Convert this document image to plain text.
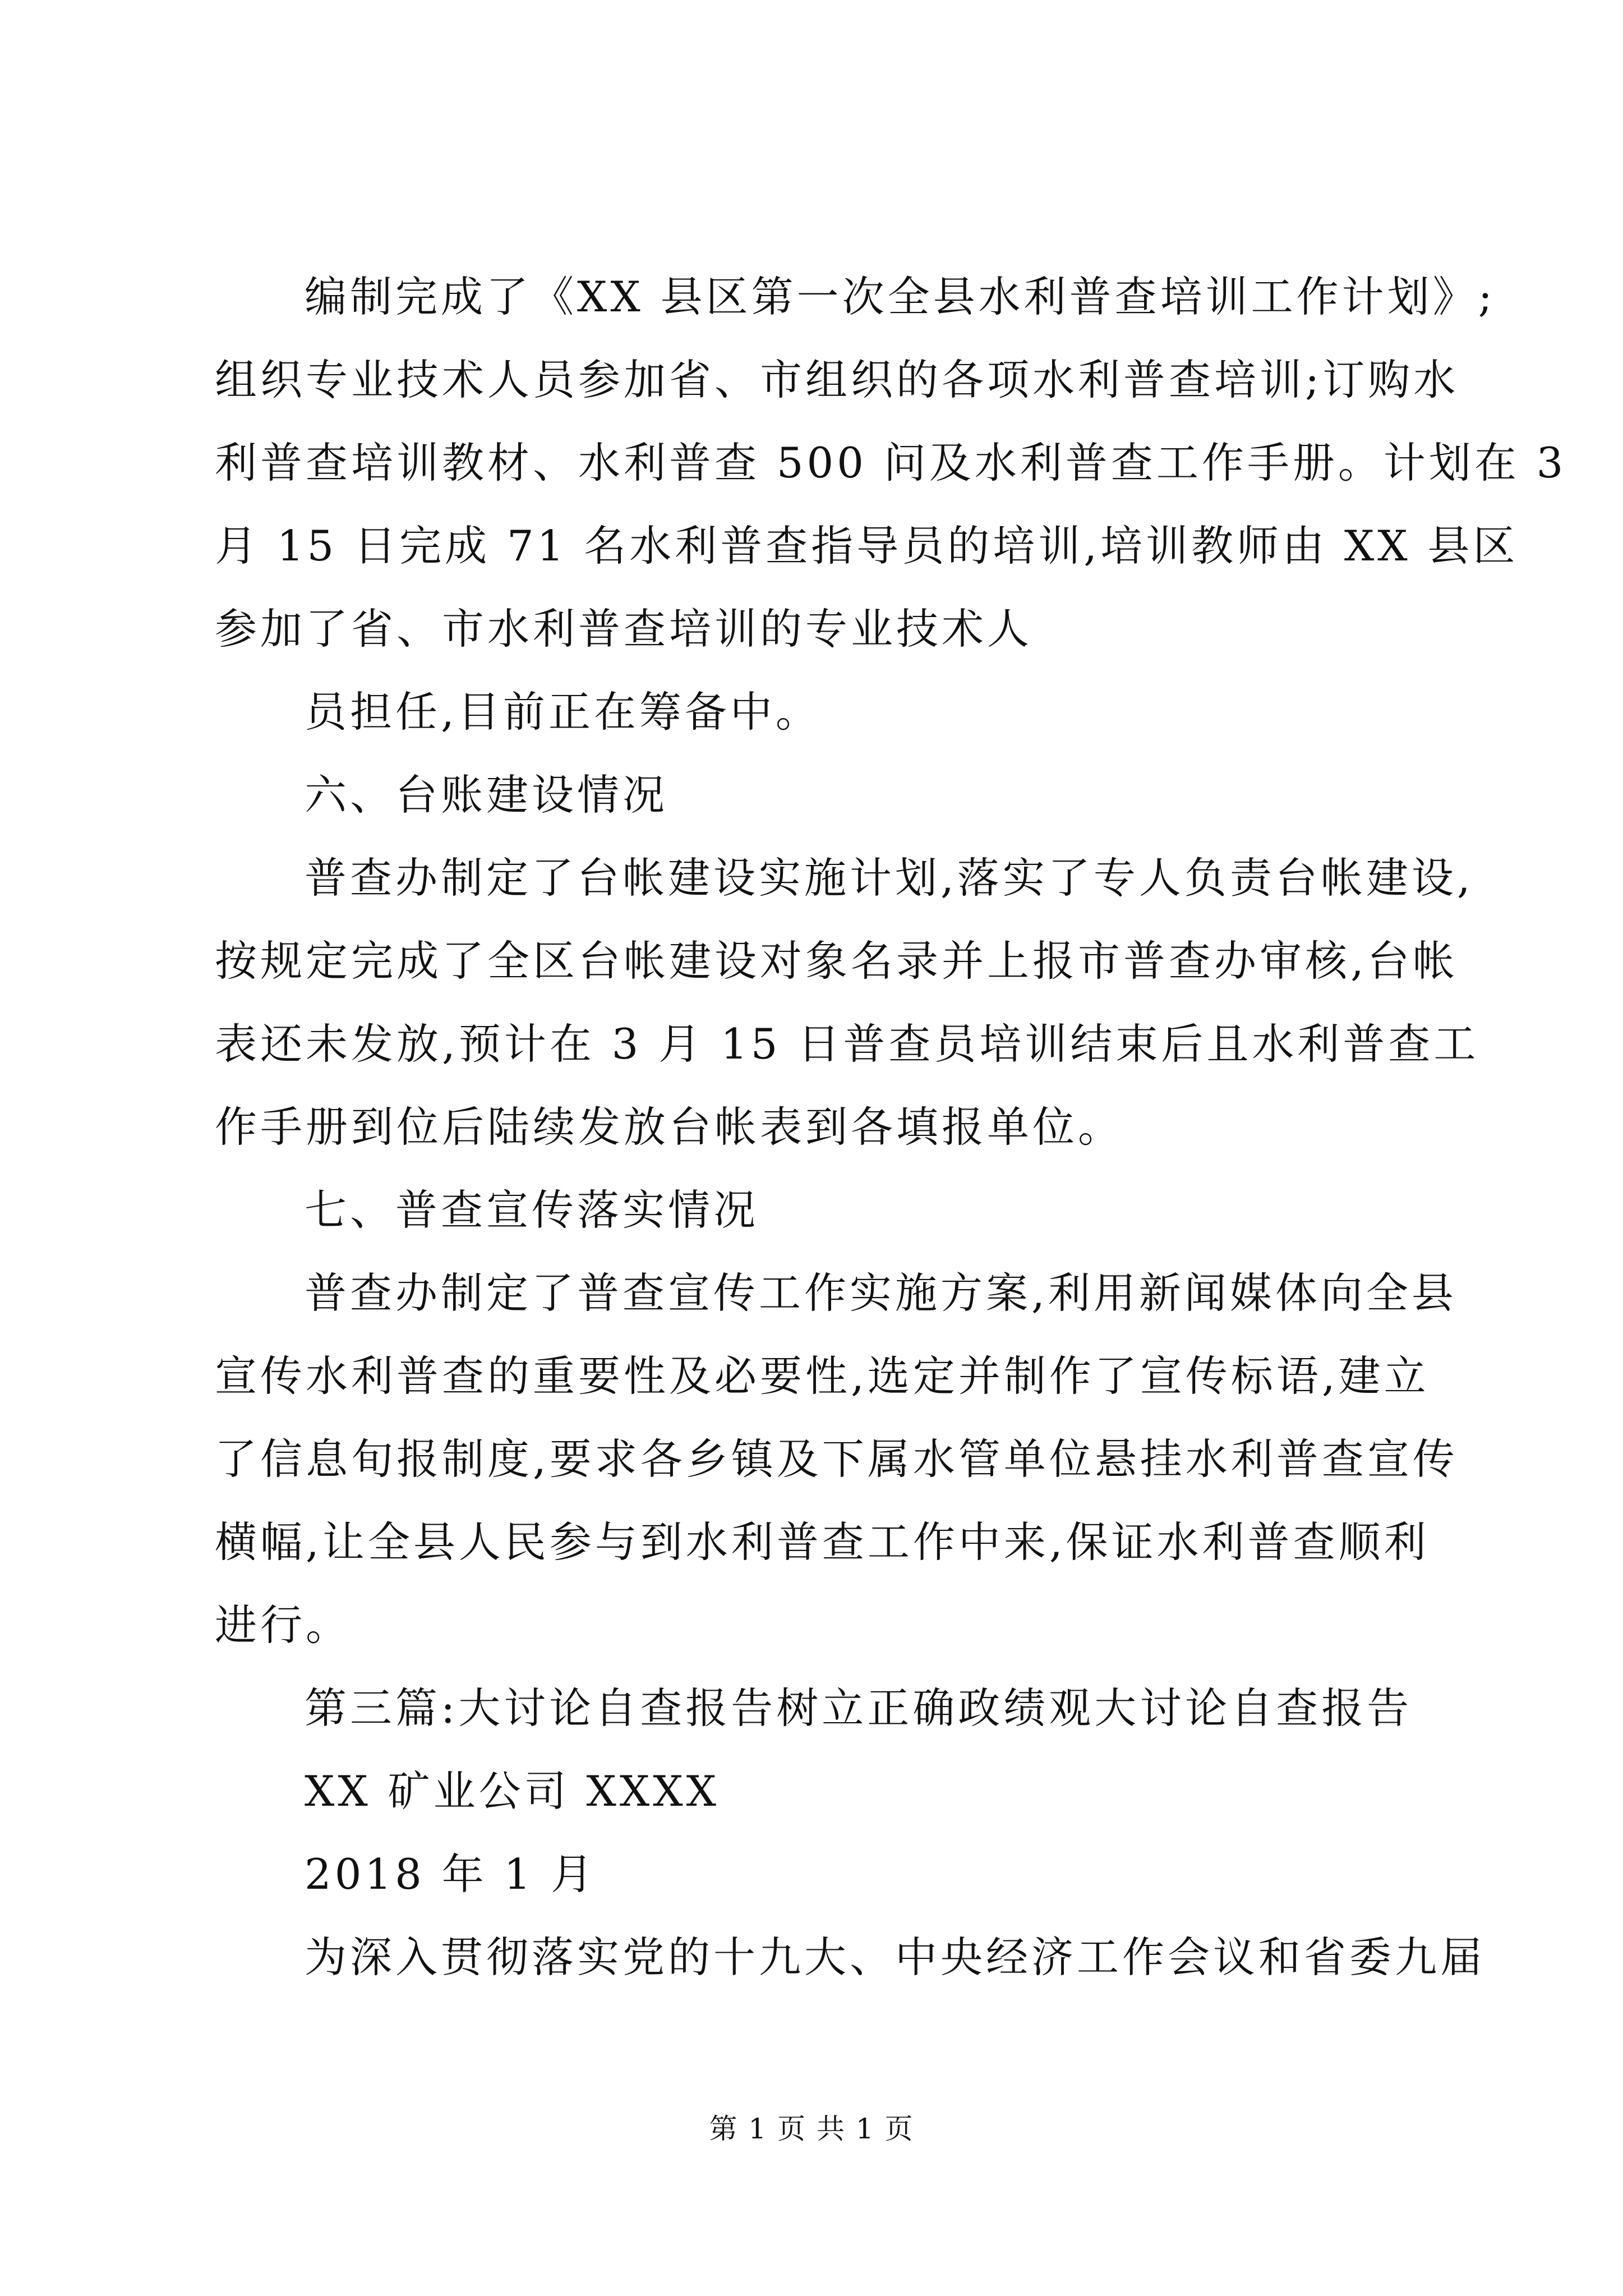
编制完成了《XX 县区第一次全县水利普查培训工作计划》;
组织专业技术人员参加省、市组织的各项水利普查培训;订购水
利普查培训教材、水利普查 500 问及水利普查工作手册。计划在 3
月 15 日完成 71 名水利普查指导员的培训,培训教师由 XX 县区
参加了省、市水利普查培训的专业技术人
员担任,目前正在筹备中。
六、台账建设情况
普查办制定了台帐建设实施计划,落实了专人负责台帐建设,
按规定完成了全区台帐建设对象名录并上报市普查办审核,台帐
表还未发放,预计在 3 月 15 日普查员培训结束后且水利普查工
作手册到位后陆续发放台帐表到各填报单位。
七、普查宣传落实情况
普查办制定了普查宣传工作实施方案,利用新闻媒体向全县
宣传水利普查的重要性及必要性,选定并制作了宣传标语,建立
了信息旬报制度,要求各乡镇及下属水管单位悬挂水利普查宣传
横幅,让全县人民参与到水利普查工作中来,保证水利普查顺利
进行。
第三篇:大讨论自查报告树立正确政绩观大讨论自查报告
XX 矿业公司 XXXX
2018 年 1 月
为深入贯彻落实党的十九大、中央经济工作会议和省委九届
第 1 页 共 1 页
